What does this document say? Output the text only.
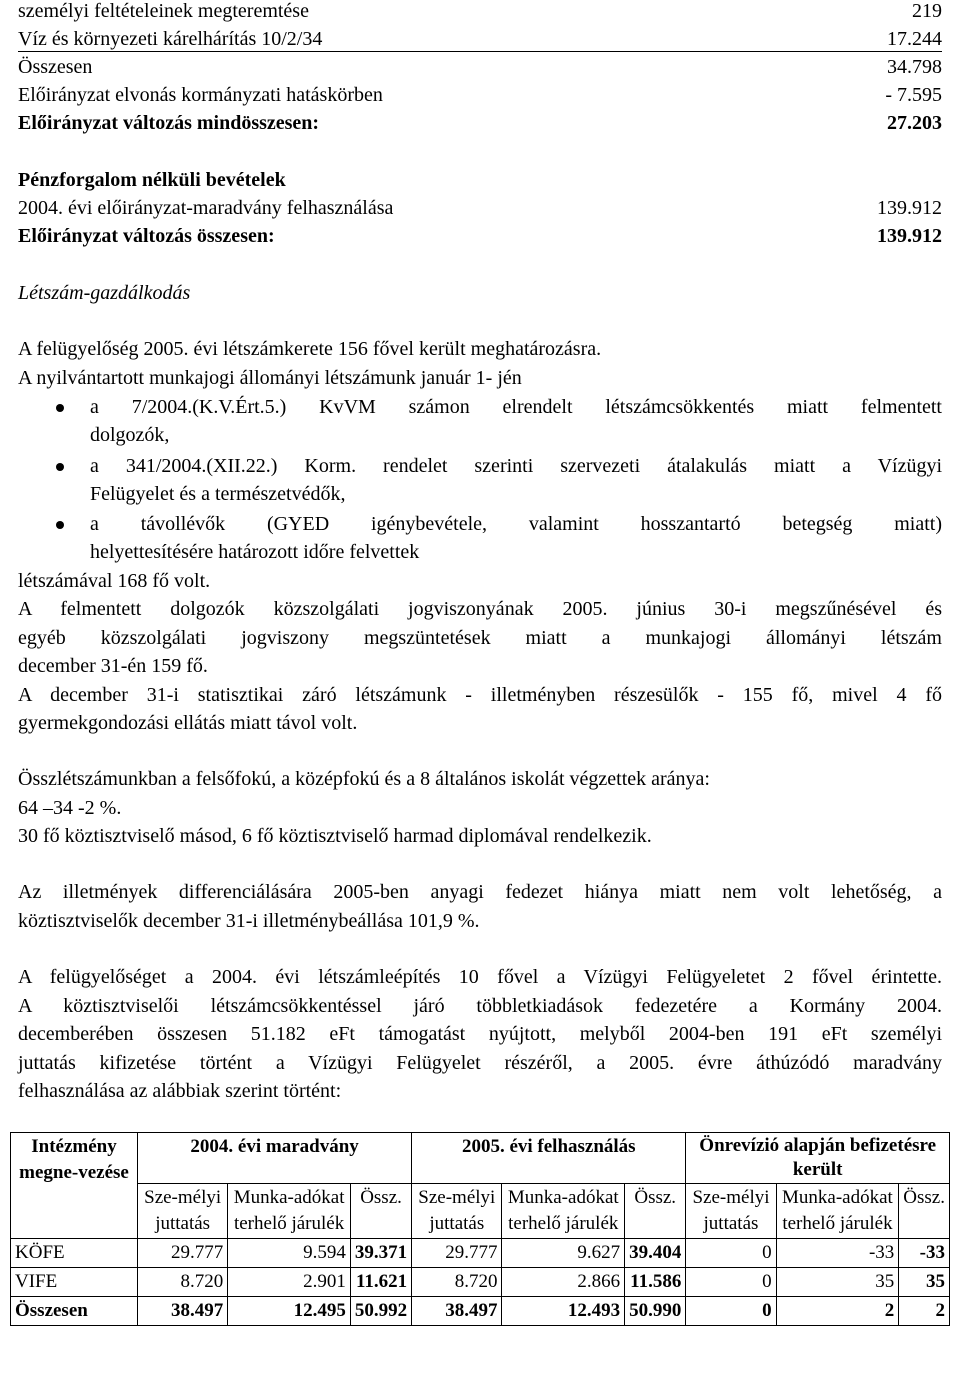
személyi feltételeinek megteremtése	219
Víz és környezeti kárelhárítás 10/2/34	17.244
Összesen	34.798
Előirányzat elvonás kormányzati hatáskörben	- 7.595
Előirányzat változás mindösszesen:	27.203
Pénzforgalom nélküli bevételek
2004. évi előirányzat-maradvány felhasználása	139.912
Előirányzat változás összesen:	139.912
Létszám-gazdálkodás
A felügyelőség 2005. évi létszámkerete 156 fővel került meghatározásra.
A nyilvántartott munkajogi állományi létszámunk január 1- jén
a 7/2004.(K.V.Ért.5.) KvVM számon elrendelt létszámcsökkentés miatt felmentett
dolgozók,
a 341/2004.(XII.22.) Korm. rendelet szerinti szervezeti átalakulás miatt a Vízügyi
Felügyelet és a természetvédők,
a távollévők (GYED igénybevétele, valamint hosszantartó betegség miatt)
helyettesítésére határozott időre felvettek
létszámával 168 fő volt.
A felmentett dolgozók közszolgálati jogviszonyának 2005. június 30-i megszűnésével és
egyéb közszolgálati jogviszony megszüntetések miatt a munkajogi állományi létszám
december 31-én 159 fő.
A december 31-i statisztikai záró létszámunk - illetményben részesülők - 155 fő, mivel 4 fő
gyermekgondozási ellátás miatt távol volt.
Összlétszámunkban a felsőfokú, a középfokú és a 8 általános iskolát végzettek aránya:
64 –34 -2 %.
30 fő köztisztviselő másod, 6 fő köztisztviselő harmad diplomával rendelkezik.
Az illetmények differenciálására 2005-ben anyagi fedezet hiánya miatt nem volt lehetőség, a
köztisztviselők december 31-i illetménybeállása 101,9 %.
A felügyelőséget a 2004. évi létszámleépítés 10 fővel a Vízügyi Felügyeletet 2 fővel érintette.
A köztisztviselői létszámcsökkentéssel járó többletkiadások fedezetére a Kormány 2004.
decemberében összesen 51.182 eFt támogatást nyújtott, melyből 2004-ben 191 eFt személyi
juttatás kifizetése történt a Vízügyi Felügyelet részéről, a 2005. évre áthúzódó maradvány
felhasználása az alábbiak szerint történt:
Intézmény megne-vezése	2004. évi maradvány			2005. évi felhasználás			Önrevízió alapján befizetésre került		
	Sze-mélyi juttatás	Munka-adókat terhelő járulék	Össz.	Sze-mélyi juttatás	Munka-adókat terhelő járulék	Össz.	Sze-mélyi juttatás	Munka-adókat terhelő járulék	Össz.
KÖFE	29.777	9.594	39.371	29.777	9.627	39.404	0	-33	-33
VIFE	8.720	2.901	11.621	8.720	2.866	11.586	0	35	35
Összesen	38.497	12.495	50.992	38.497	12.493	50.990	0	2	2
